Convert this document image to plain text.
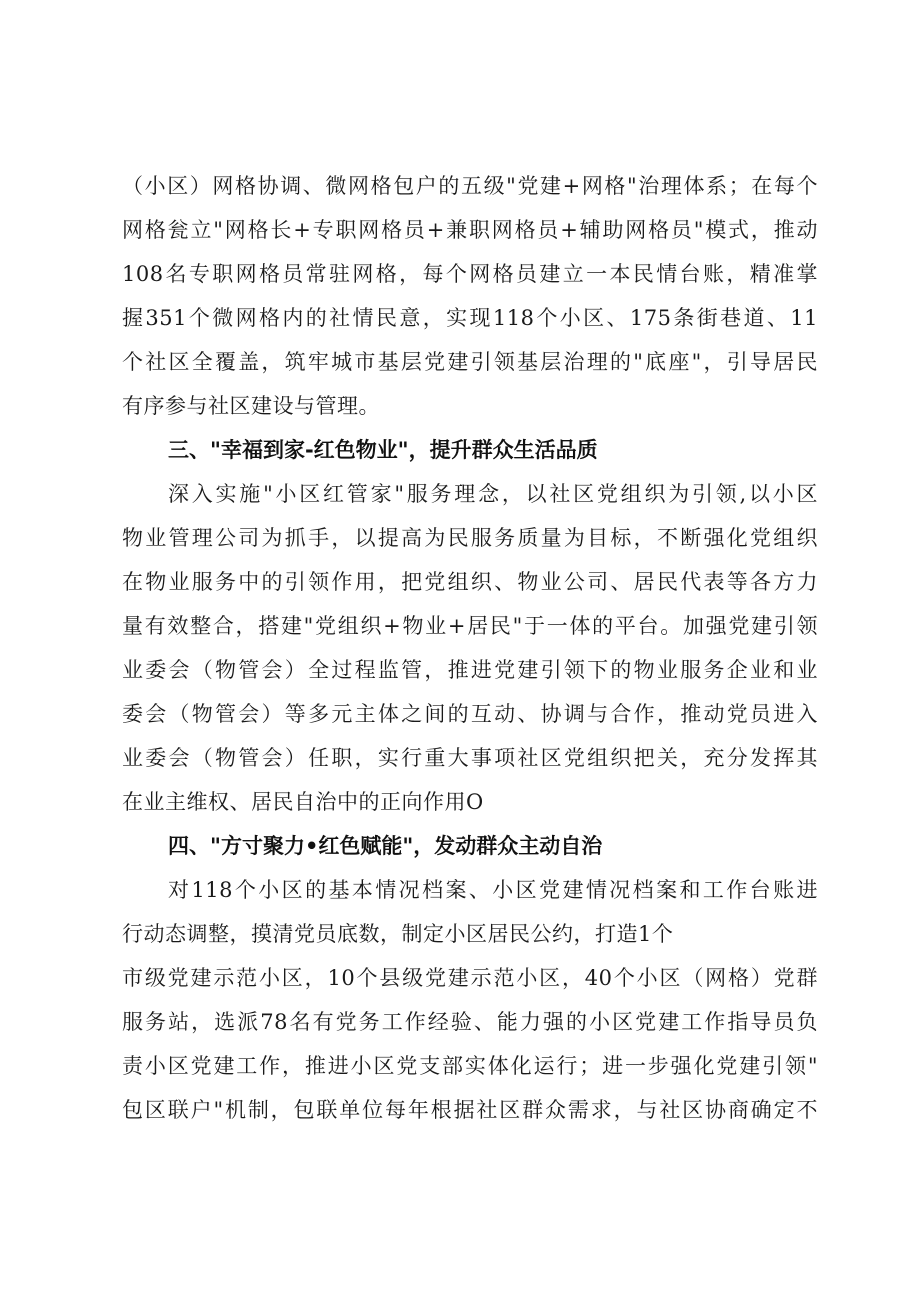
（小区）网格协调、微网格包户的五级"党建+网格"治理体系；在每个
网格瓮立"网格长+专职网格员+兼职网格员+辅助网格员"模式，推动
108名专职网格员常驻网格，每个网格员建立一本民情台账，精准掌
握351个微网格内的社情民意，实现118个小区、175条街巷道、11
个社区全覆盖，筑牢城市基层党建引领基层治理的"底座"，引导居民
有序参与社区建设与管理。
三、"幸福到家-红色物业"，提升群众生活品质
深入实施"小区红管家"服务理念，以社区党组织为引领,以小区
物业管理公司为抓手，以提高为民服务质量为目标，不断强化党组织
在物业服务中的引领作用，把党组织、物业公司、居民代表等各方力
量有效整合，搭建"党组织+物业+居民"于一体的平台。加强党建引领
业委会（物管会）全过程监管，推进党建引领下的物业服务企业和业
委会（物管会）等多元主体之间的互动、协调与合作，推动党员进入
业委会（物管会）任职，实行重大事项社区党组织把关，充分发挥其
在业主维权、居民自治中的正向作用O
四、"方寸聚力•红色赋能"，发动群众主动自治
对118个小区的基本情况档案、小区党建情况档案和工作台账进
行动态调整，摸清党员底数，制定小区居民公约，打造1个
市级党建示范小区，10个县级党建示范小区，40个小区（网格）党群
服务站，选派78名有党务工作经验、能力强的小区党建工作指导员负
责小区党建工作，推进小区党支部实体化运行；进一步强化党建引领"
包区联户"机制，包联单位每年根据社区群众需求，与社区协商确定不
